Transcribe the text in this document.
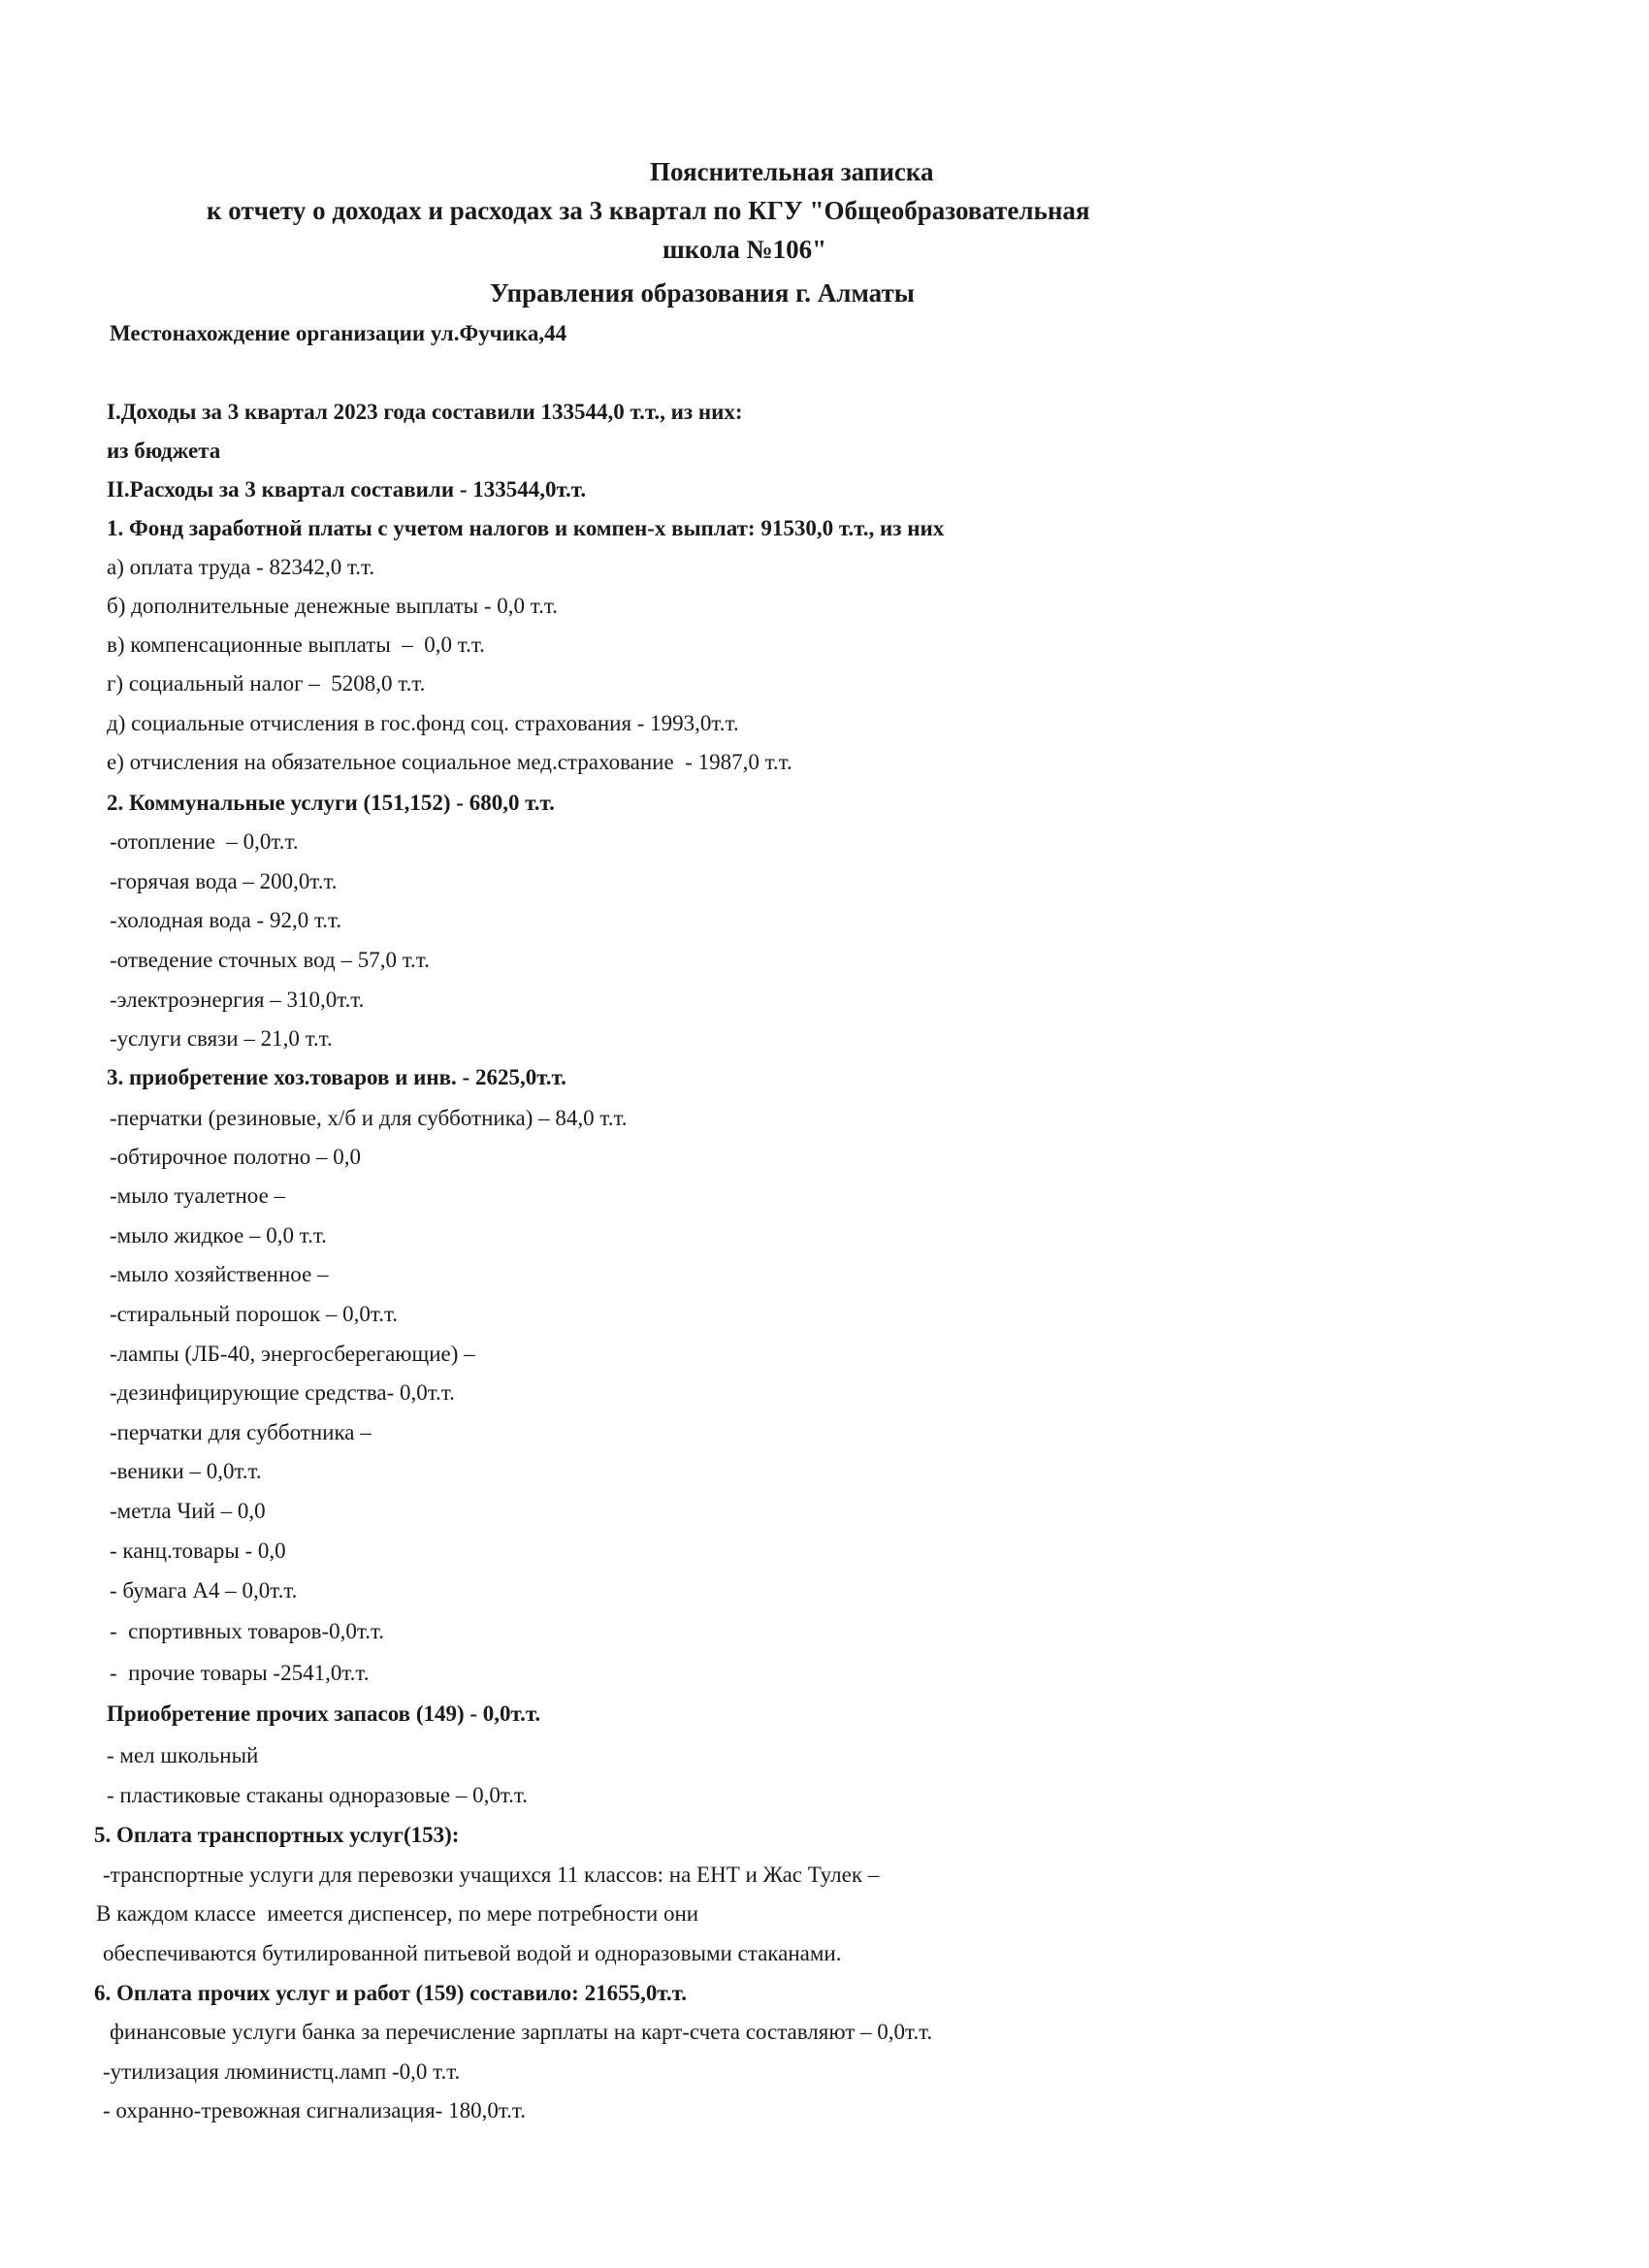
Пояснительная записка
к отчету о доходах и расходах за 3 квартал по КГУ "Общеобразовательная
школа №106"
Управления образования г. Алматы
Местонахождение организации ул.Фучика,44
I.Доходы за 3 квартал 2023 года составили 133544,0 т.т., из них:
из бюджета
II.Расходы за 3 квартал составили - 133544,0т.т.
1. Фонд заработной платы с учетом налогов и компен-х выплат: 91530,0 т.т., из них
а) оплата труда - 82342,0 т.т.
б) дополнительные денежные выплаты - 0,0 т.т.
в) компенсационные выплаты  –  0,0 т.т.
г) социальный налог –  5208,0 т.т.
д) социальные отчисления в гос.фонд соц. страхования - 1993,0т.т.
е) отчисления на обязательное социальное мед.страхование  - 1987,0 т.т.
2. Коммунальные услуги (151,152) - 680,0 т.т.
-отопление  – 0,0т.т.
-горячая вода – 200,0т.т.
-холодная вода - 92,0 т.т.
-отведение сточных вод – 57,0 т.т.
-электроэнергия – 310,0т.т.
-услуги связи – 21,0 т.т.
3. приобретение хоз.товаров и инв. - 2625,0т.т.
-перчатки (резиновые, х/б и для субботника) – 84,0 т.т.
-обтирочное полотно – 0,0
-мыло туалетное –
-мыло жидкое – 0,0 т.т.
-мыло хозяйственное –
-стиральный порошок – 0,0т.т.
-лампы (ЛБ-40, энергосберегающие) –
-дезинфицирующие средства- 0,0т.т.
-перчатки для субботника –
-веники – 0,0т.т.
-метла Чий – 0,0
- канц.товары - 0,0
- бумага А4 – 0,0т.т.
-  спортивных товаров-0,0т.т.
-  прочие товары -2541,0т.т.
Приобретение прочих запасов (149) - 0,0т.т.
- мел школьный
- пластиковые стаканы одноразовые – 0,0т.т.
5. Оплата транспортных услуг(153):
-транспортные услуги для перевозки учащихся 11 классов: на ЕНТ и Жас Тулек –
В каждом классе  имеется диспенсер, по мере потребности они
обеспечиваются бутилированной питьевой водой и одноразовыми стаканами.
6. Оплата прочих услуг и работ (159) составило: 21655,0т.т.
финансовые услуги банка за перечисление зарплаты на карт-счета составляют – 0,0т.т.
-утилизация люминистц.ламп -0,0 т.т.
- охранно-тревожная сигнализация- 180,0т.т.
